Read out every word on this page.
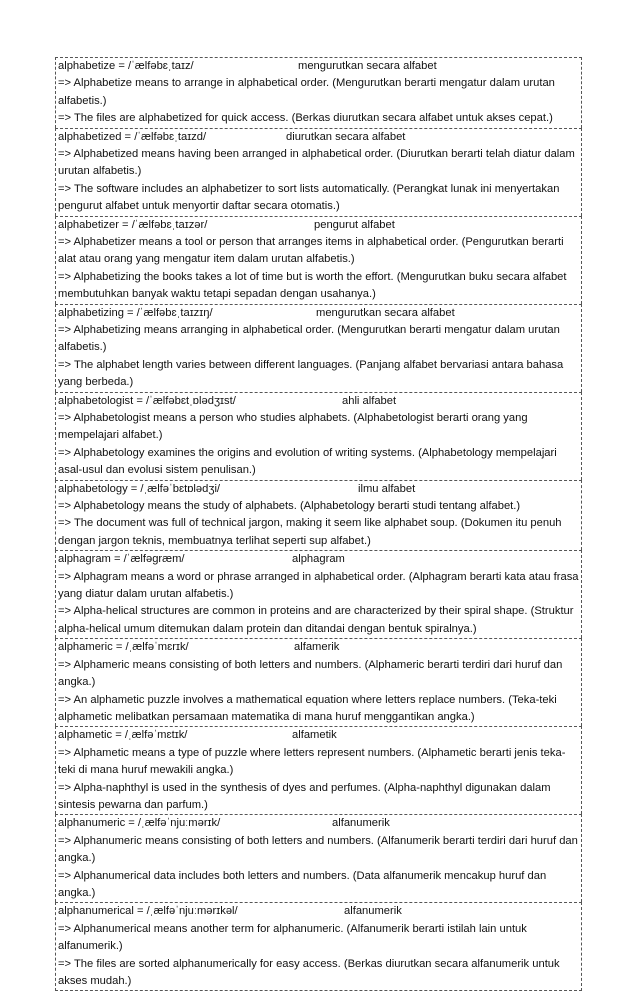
alphabetize = /ˈælfəbɛˌtaɪz/	mengurutkan secara alfabet

=> Alphabetize means to arrange in alphabetical order. (Mengurutkan berarti mengatur dalam urutan alfabetis.)

=> The files are alphabetized for quick access. (Berkas diurutkan secara alfabet untuk akses cepat.)

alphabetized = /ˈælfəbɛˌtaɪzd/	diurutkan secara alfabet

=> Alphabetized means having been arranged in alphabetical order. (Diurutkan berarti telah diatur dalam urutan alfabetis.)

=> The software includes an alphabetizer to sort lists automatically. (Perangkat lunak ini menyertakan pengurut alfabet untuk menyortir daftar secara otomatis.)

alphabetizer = /ˈælfəbɛˌtaɪzər/	pengurut alfabet

=> Alphabetizer means a tool or person that arranges items in alphabetical order. (Pengurutkan berarti alat atau orang yang mengatur item dalam urutan alfabetis.)

=> Alphabetizing the books takes a lot of time but is worth the effort. (Mengurutkan buku secara alfabet membutuhkan banyak waktu tetapi sepadan dengan usahanya.)

alphabetizing = /ˈælfəbɛˌtaɪzɪŋ/	mengurutkan secara alfabet

=> Alphabetizing means arranging in alphabetical order. (Mengurutkan berarti mengatur dalam urutan alfabetis.)

=> The alphabet length varies between different languages. (Panjang alfabet bervariasi antara bahasa yang berbeda.)

alphabetologist = /ˈælfəbɛtˌɒlədʒɪst/	ahli alfabet

=> Alphabetologist means a person who studies alphabets. (Alphabetologist berarti orang yang mempelajari alfabet.)

=> Alphabetology examines the origins and evolution of writing systems. (Alphabetology mempelajari asal-usul dan evolusi sistem penulisan.)

alphabetology = /ˌælfəˈbɛtɒlədʒi/	ilmu alfabet

=> Alphabetology means the study of alphabets. (Alphabetology berarti studi tentang alfabet.)

=> The document was full of technical jargon, making it seem like alphabet soup. (Dokumen itu penuh dengan jargon teknis, membuatnya terlihat seperti sup alfabet.)

alphagram = /ˈælfəgræm/	alphagram

=> Alphagram means a word or phrase arranged in alphabetical order. (Alphagram berarti kata atau frasa yang diatur dalam urutan alfabetis.)

=> Alpha-helical structures are common in proteins and are characterized by their spiral shape. (Struktur alpha-helical umum ditemukan dalam protein dan ditandai dengan bentuk spiralnya.)

alphameric = /ˌælfəˈmɛrɪk/	alfamerik

=> Alphameric means consisting of both letters and numbers. (Alphameric berarti terdiri dari huruf dan angka.)

=> An alphametic puzzle involves a mathematical equation where letters replace numbers. (Teka-teki alphametic melibatkan persamaan matematika di mana huruf menggantikan angka.)

alphametic = /ˌælfəˈmɛtɪk/	alfametik

=> Alphametic means a type of puzzle where letters represent numbers. (Alphametic berarti jenis teka-teki di mana huruf mewakili angka.)

=> Alpha-naphthyl is used in the synthesis of dyes and perfumes. (Alpha-naphthyl digunakan dalam sintesis pewarna dan parfum.)

alphanumeric = /ˌælfəˈnjuːmərɪk/	alfanumerik

=> Alphanumeric means consisting of both letters and numbers. (Alfanumerik berarti terdiri dari huruf dan angka.)

=> Alphanumerical data includes both letters and numbers. (Data alfanumerik mencakup huruf dan angka.)

alphanumerical = /ˌælfəˈnjuːmərɪkəl/	alfanumerik

=> Alphanumerical means another term for alphanumeric. (Alfanumerik berarti istilah lain untuk alfanumerik.)

=> The files are sorted alphanumerically for easy access. (Berkas diurutkan secara alfanumerik untuk akses mudah.)
